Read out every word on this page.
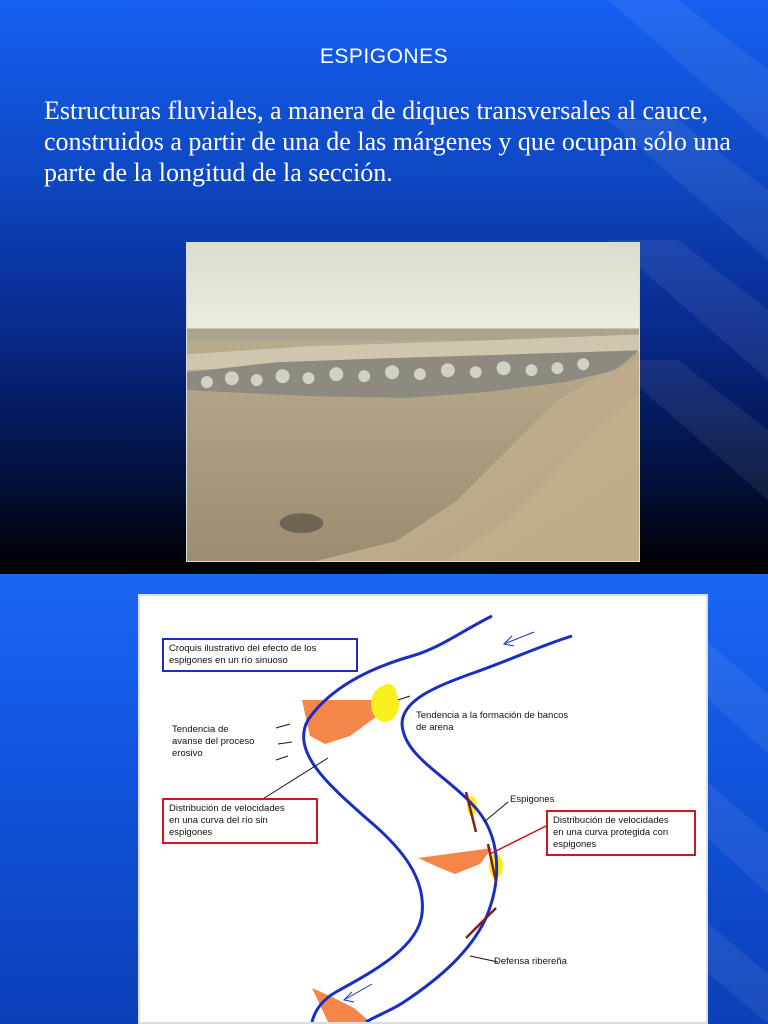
ESPIGONES
Estructuras fluviales, a manera de diques transversales al cauce, construidos a partir de una de las márgenes y que ocupan sólo una parte de la longitud de la sección.
Croquis ilustrativo del efecto de los
espigones en un río sinuoso
Tendencia de
avanse del proceso
erosivo
Tendencia a la formación de bancos
de arena
Espigones
Distribución de velocidades
en una curva del río sin
espigones
Distribución de velocidades
en una curva protegida con
espigones
Defensa ribereña
